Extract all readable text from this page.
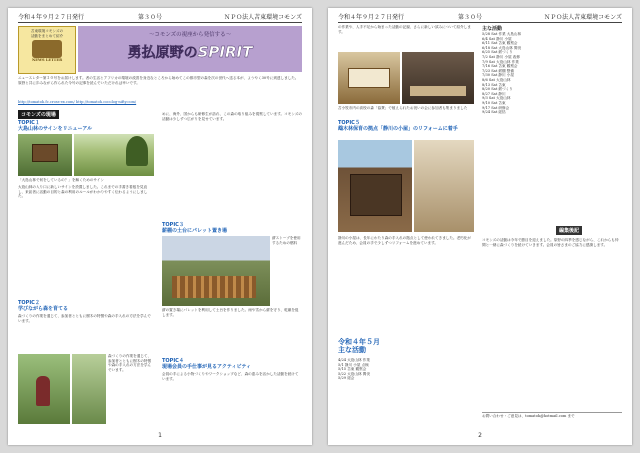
令和４年９月２７日発行	第３０号	ＮＰＯ法人苫東環境コモンズ
苫東環境コモンズの
活動をまとめて紹介
NEWS LETTER
〜コモンズの視座から発信する〜
勇払原野のSPIRIT
ニュースレター第３０号をお届けします。者の生活とアフリカの環境の改善を身近なところから始めてこの都市型の森を次の世代へ送る本が、ようやく30号に到達しました。原野と共に歩みながら作られた今号の記事を読んでいただければ幸いです。
http://tomatoh.fc.cross-ex.com/ http://tomatoh.cocolog-nifty.com/
コモンズの現場
TOPIC１
大島山林のサインをリニューアル
「大島山林で何をしているの？」を解くためのサイン
大島山林の入り口に新しいサインを設置しました。これまでの手書き看板を見直し、来訪者に活動の目的と森の利用のルールがわかりやすく伝わるようにしました。
TOPIC２
学びながら森を育てる
森づくりの作業を通じて、参加者とともに樹木の特徴や森の手入れの方法を学んでいます。
森づくりの作業を通じて、参加者とともに樹木の特徴や森の手入れの方法を学んでいます。
めに、海外、国からも研修生が訪れ、この森の取り組みを視察しています。コモンズの活動は少しずつ広がりを見せています。
TOPIC３
薪棚の土台にパレット置き場
薪ストーブを使用するための燃料
薪の置き場にパレットを利用して土台を作りました。雨や雪から薪を守り、乾燥を促します。
TOPIC４
現場会員の手仕事が見るアクティビティ
会員の手による小物づくりやワークショップなど、森の恵みを活かした活動を続けています。
1
令和４年９月２７日発行	第３０号	ＮＰＯ法人苫東環境コモンズ
の作業や、人手不足から始まった活動の記録、さらに新しい試みについて紹介します。
苫小牧市内の高校の森「協賛」で植えられたお祝いの会に参加者も集まりました
TOPIC５
鵡木林保育の拠点「静川の小屋」のリフォームに着手
静川の小屋は、長年にわたり森の手入れの拠点として使われてきました。老朽化が進んだため、会員の手で少しずつリフォームを進めています。
令和４年５月
主な活動
4/24 大島山林 作業
5/1 静川 小屋 点検
5/15 苫東 観察会
5/22 大島山林 間伐
5/29 総会
主な活動
5/28 Sat 作業 大島山林
6/4 Sat 静川 小屋
6/11 Sat 苫東 観察会
6/18 Sat 大島山林 間伐
6/25 Sat 薪づくり
7/2 Sat 静川 小屋 改修
7/9 Sat 大島山林 作業
7/16 Sat 苫東 観察会
7/23 Sat 薪棚 整備
7/30 Sat 静川 小屋
8/6 Sat 大島山林
8/13 Sat 苫東
8/20 Sat 薪づくり
8/27 Sat 静川
9/3 Sat 大島山林
9/10 Sat 苫東
9/17 Sat 研修会
9/24 Sat 総括
編集後記
コモンズの活動は今年で節目を迎えました。原野の四季を感じながら、これからも仲間と一緒に森づくりを続けていきます。会員の皆さまのご協力に感謝します。
お問い合わせ・ご意見は、tomatoh@hotmail.com まで
2
